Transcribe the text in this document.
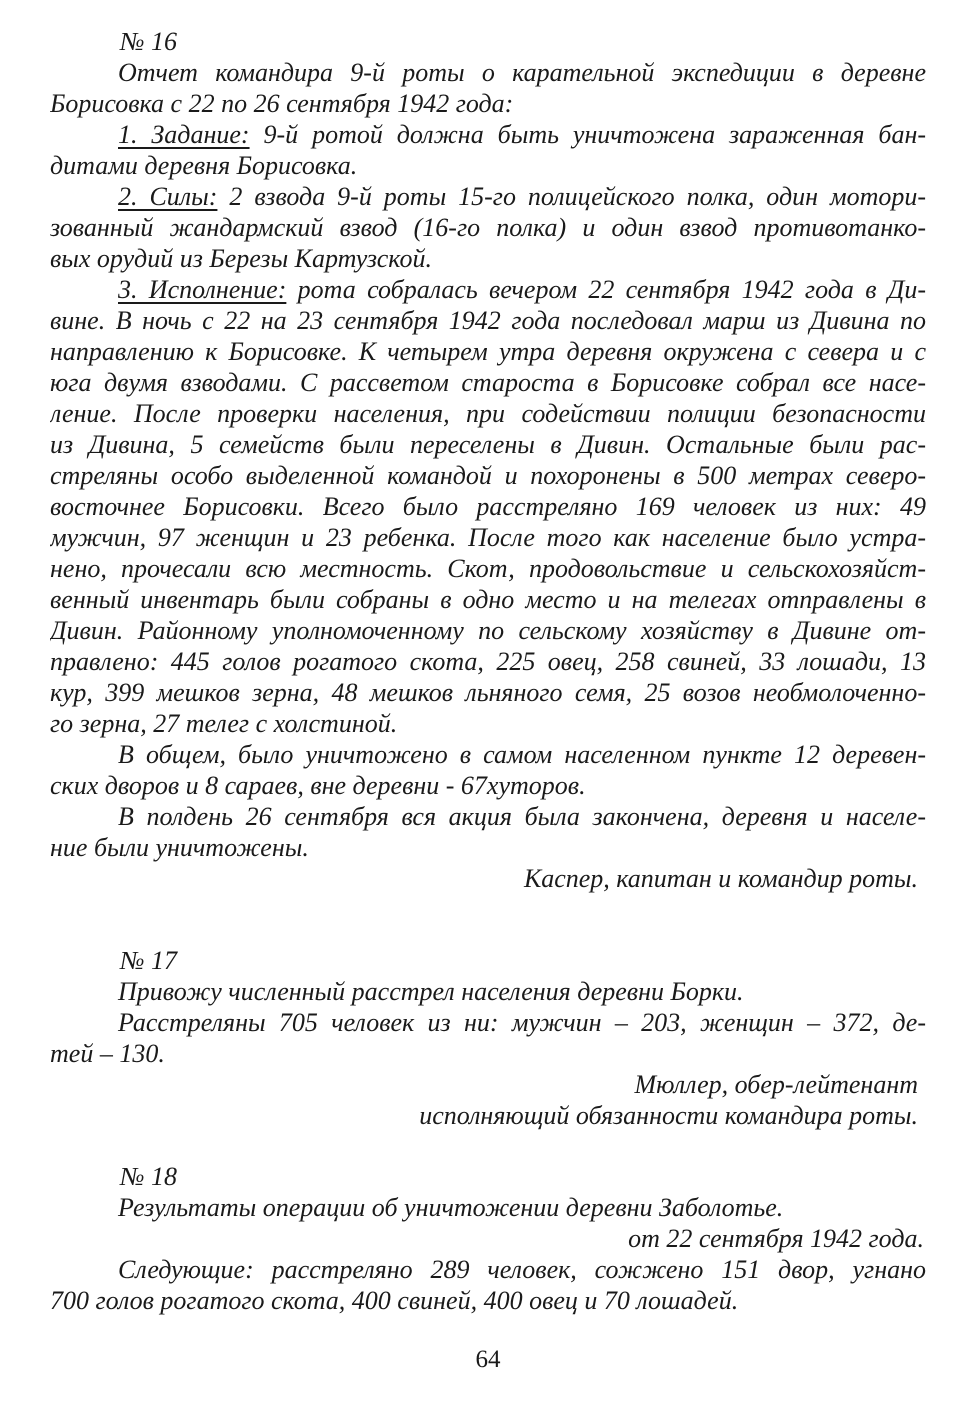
№ 16
Отчет командира 9-й роты о карательной экспедиции в деревне
Борисовка с 22 по 26 сентября 1942 года:
1. Задание: 9-й ротой должна быть уничтожена зараженная бан-
дитами деревня Борисовка.
2. Силы: 2 взвода 9-й роты 15-го полицейского полка, один мотори-
зованный жандармский взвод (16-го полка) и один взвод противотанко-
вых орудий из Березы Картузской.
3. Исполнение: рота собралась вечером 22 сентября 1942 года в Ди-
вине. В ночь с 22 на 23 сентября 1942 года последовал марш из Дивина по
направлению к Борисовке. К четырем утра деревня окружена с севера и с
юга двумя взводами. С рассветом староста в Борисовке собрал все насе-
ление. После проверки населения, при содействии полиции безопасности
из Дивина, 5 семейств были переселены в Дивин. Остальные были рас-
стреляны особо выделенной командой и похоронены в 500 метрах северо-
восточнее Борисовки. Всего было расстреляно 169 человек из них: 49
мужчин, 97 женщин и 23 ребенка. После того как население было устра-
нено, прочесали всю местность. Скот, продовольствие и сельскохозяйст-
венный инвентарь были собраны в одно место и на телегах отправлены в
Дивин. Районному уполномоченному по сельскому хозяйству в Дивине от-
правлено: 445 голов рогатого скота, 225 овец, 258 свиней, 33 лошади, 13
кур, 399 мешков зерна, 48 мешков льняного семя, 25 возов необмолоченно-
го зерна, 27 телег с холстиной.
В общем, было уничтожено в самом населенном пункте 12 деревен-
ских дворов и 8 сараев, вне деревни - 67хуторов.
В полдень 26 сентября вся акция была закончена, деревня и населе-
ние были уничтожены.
Каспер, капитан и командир роты.
№ 17
Привожу численный расстрел населения деревни Борки.
Расстреляны 705 человек из ни: мужчин – 203, женщин – 372, де-
тей – 130.
Мюллер, обер-лейтенант
исполняющий обязанности командира роты.
№ 18
Результаты операции об уничтожении деревни Заболотье.
от 22 сентября 1942 года.
Следующие: расстреляно 289 человек, сожжено 151 двор, угнано
700 голов рогатого скота, 400 свиней, 400 овец и 70 лошадей.
64
